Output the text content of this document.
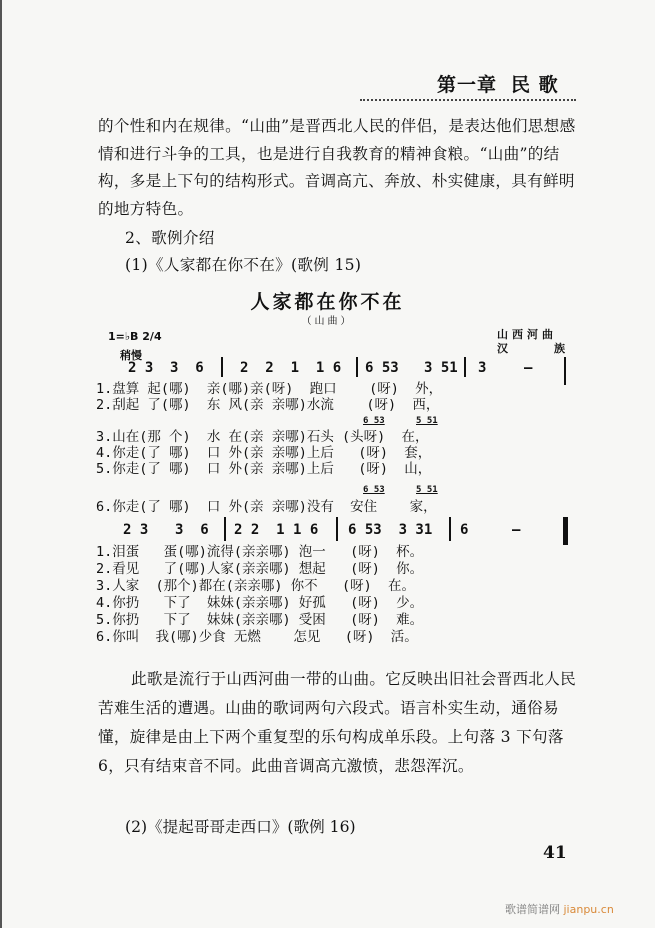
第一章 民 歌
的个性和内在规律。“山曲”是晋西北人民的伴侣，是表达他们思想感情和进行斗争的工具，也是进行自我教育的精神食粮。“山曲”的结构，多是上下句的结构形式。音调高亢、奔放、朴实健康，具有鲜明的地方特色。
2、歌例介绍
(1)《人家都在你不在》(歌例 15)
人家都在你不在
（山曲）
1=♭B 2/4
稍慢
山西河曲
汉	族
2 3 3  6	2  2  1  1 6 6 53   3 51 3	–
1.盘算 起(哪)  亲(哪)亲(呀)  跑口    (呀)  外，
2.刮起 了(哪)  东 风(亲 亲哪)水流    (呀)  西，
6 53	5 51
3.山在(那 个)  水 在(亲 亲哪)石头 (头呀)  在，
4.你走(了 哪)  口 外(亲 亲哪)上后   (呀)  套，
5.你走(了 哪)  口 外(亲 亲哪)上后   (呀)  山，
6 53	5 51
6.你走(了 哪)  口 外(亲 亲哪)没有  安住    家，
2 3 3  6 2 2  1 1 6 6 53  3 31 6	–
1.泪蛋   蛋(哪)流得(亲亲哪) 泡一   (呀)  杯。
2.看见   了(哪)人家(亲亲哪) 想起   (呀)  你。
3.人家  (那个)都在(亲亲哪) 你不   (呀)  在。
4.你扔   下了  妹妹(亲亲哪) 好孤   (呀)  少。
5.你扔   下了  妹妹(亲亲哪) 受困   (呀)  难。
6.你叫  我(哪)少食 无燃    怎见   (呀)  活。
此歌是流行于山西河曲一带的山曲。它反映出旧社会晋西北人民苦难生活的遭遇。山曲的歌词两句六段式。语言朴实生动，通俗易懂，旋律是由上下两个重复型的乐句构成单乐段。上句落 3 下句落 6，只有结束音不同。此曲音调高亢激愤，悲怨浑沉。
(2)《提起哥哥走西口》(歌例 16)
41
歌谱简谱网 jianpu.cn
